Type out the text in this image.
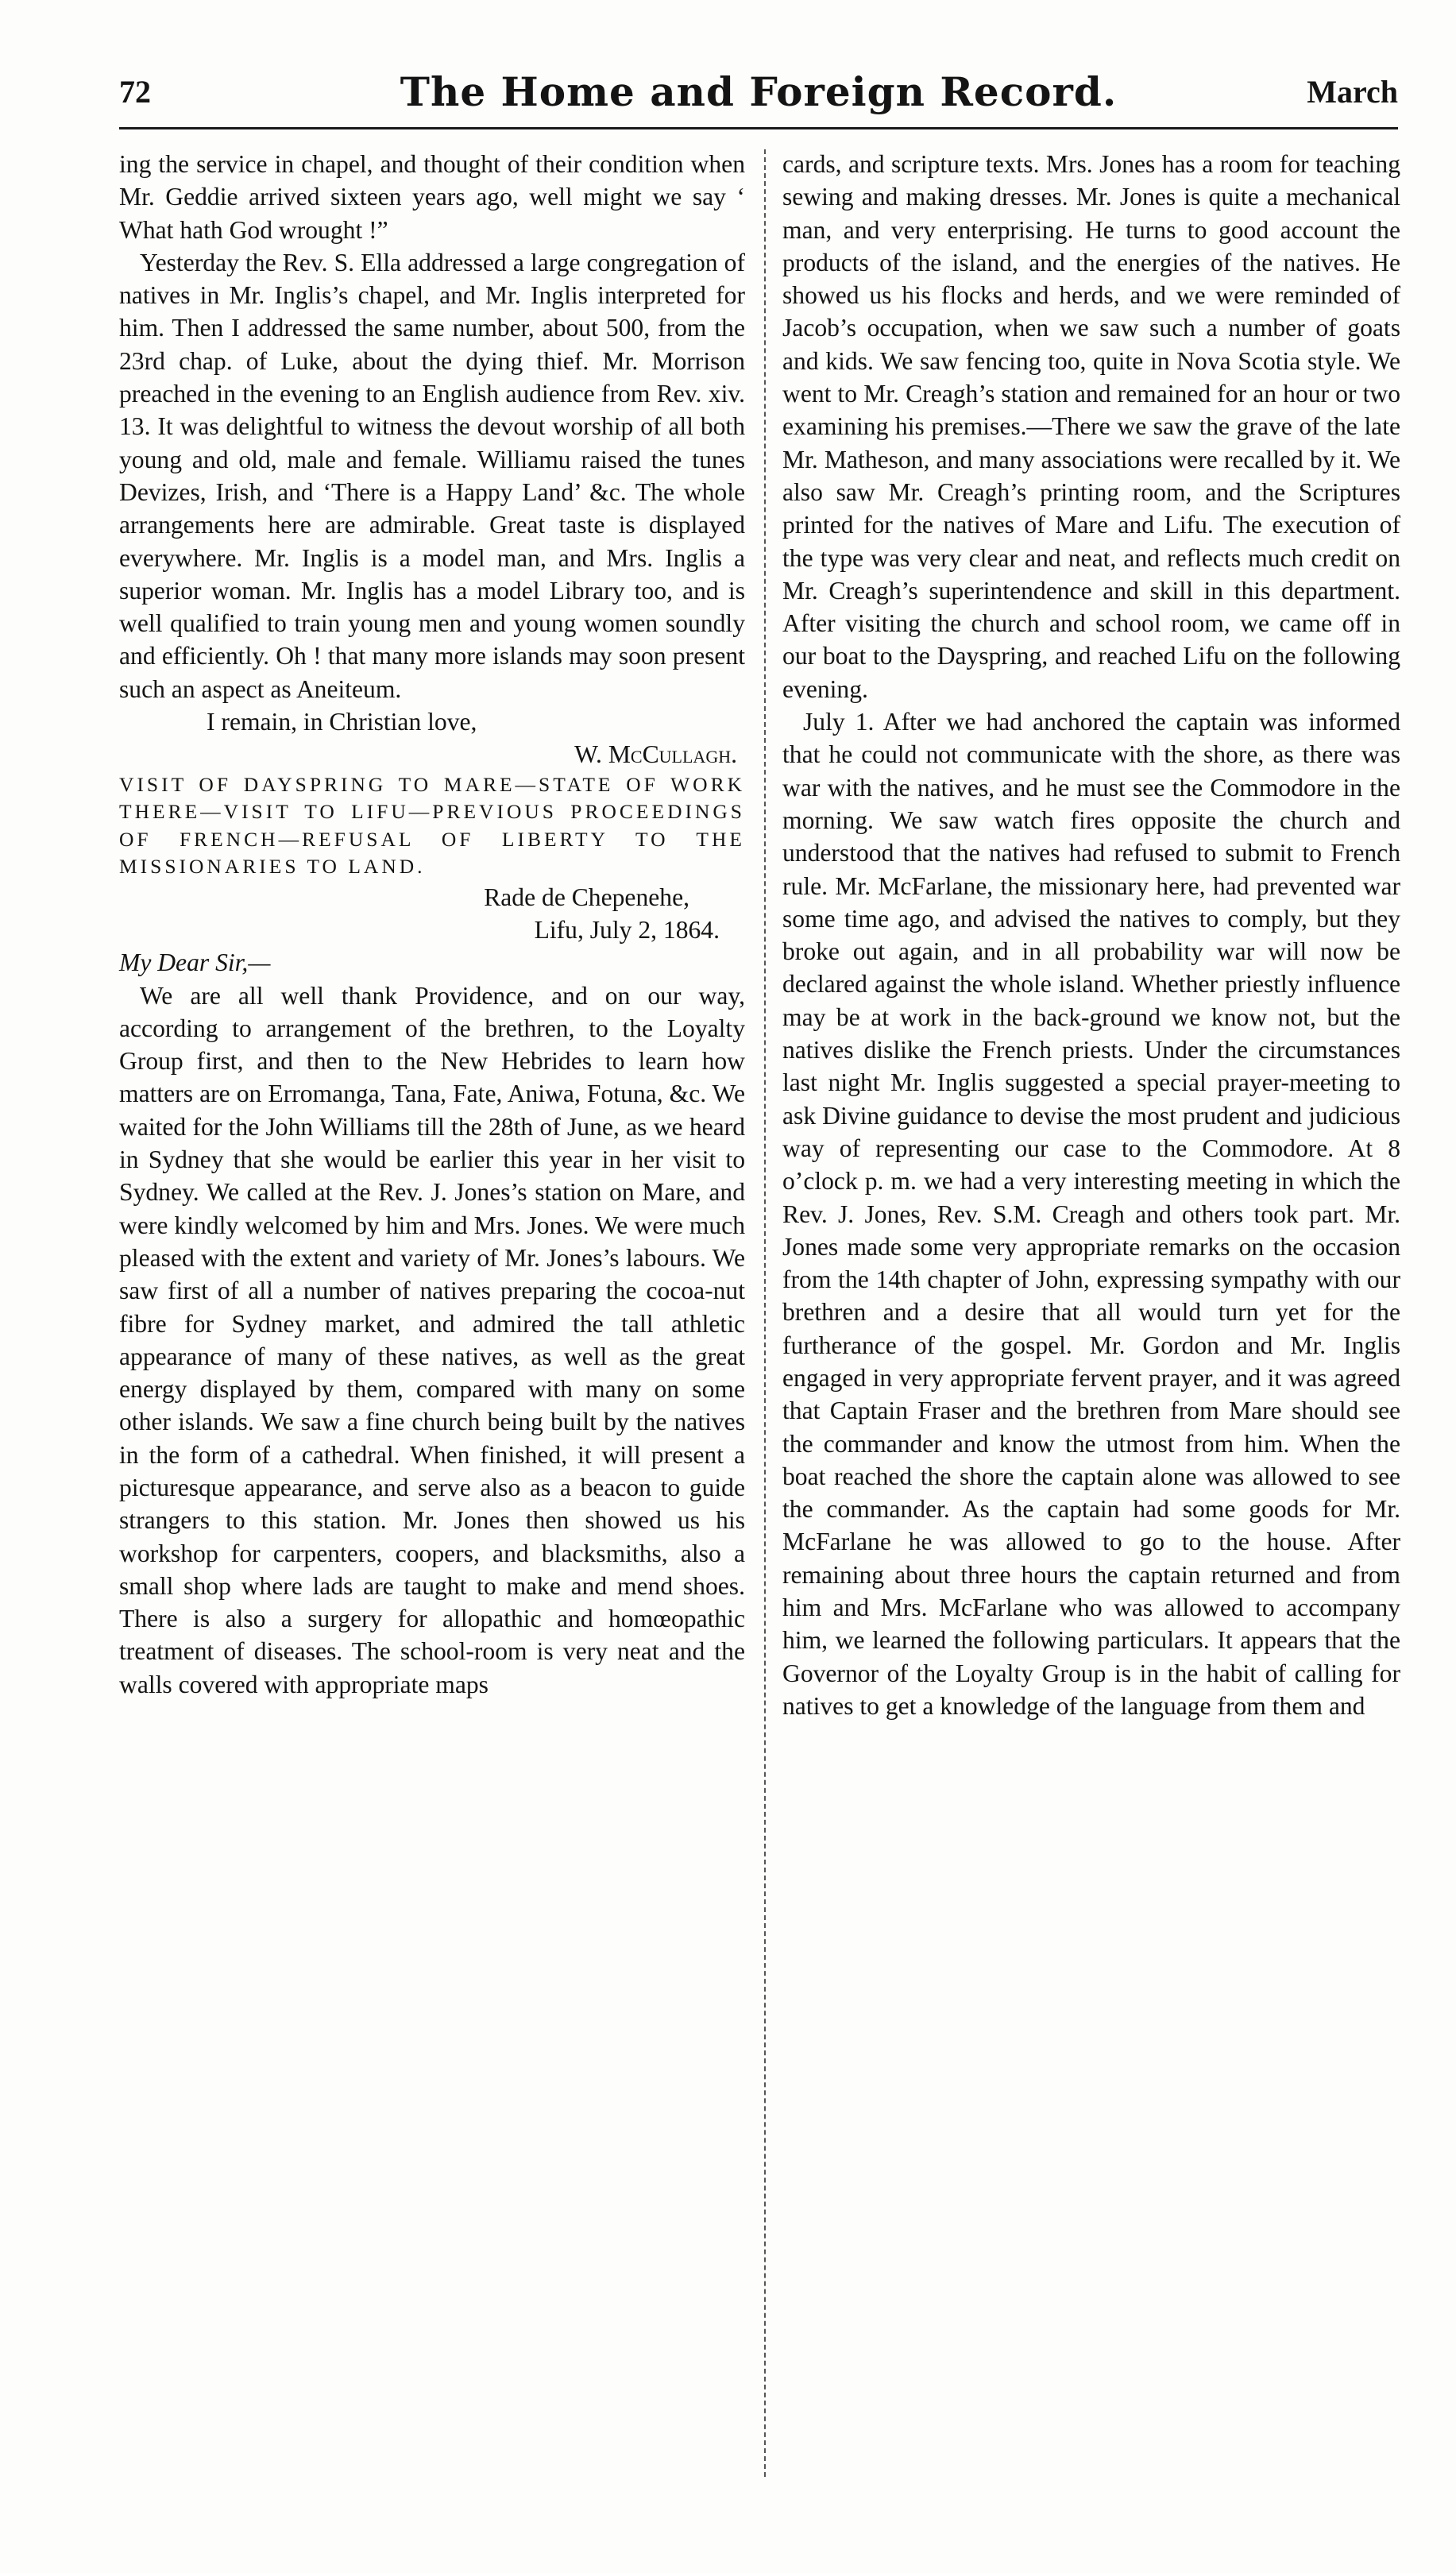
72	The Home and Foreign Record.	March

ing the service in chapel, and thought of their condition when Mr. Geddie arrived sixteen years ago, well might we say ‘ What hath God wrought !”

Yesterday the Rev. S. Ella addressed a large congregation of natives in Mr. Inglis’s chapel, and Mr. Inglis interpreted for him. Then I addressed the same number, about 500, from the 23rd chap. of Luke, about the dying thief. Mr. Morrison preached in the evening to an English audience from Rev. xiv. 13. It was delightful to witness the devout worship of all both young and old, male and female. Williamu raised the tunes Devizes, Irish, and ‘There is a Happy Land’ &c. The whole arrangements here are admirable. Great taste is displayed everywhere. Mr. Inglis is a model man, and Mrs. Inglis a superior woman. Mr. Inglis has a model Library too, and is well qualified to train young men and young women soundly and efficiently. Oh ! that many more islands may soon present such an aspect as Aneiteum.

I remain, in Christian love,

W. McCullagh.

VISIT OF DAYSPRING TO MARE—STATE OF WORK THERE—VISIT TO LIFU—PREVIOUS PROCEEDINGS OF FRENCH—REFUSAL OF LIBERTY TO THE MISSIONARIES TO LAND.

Rade de Chepenehe,

Lifu, July 2, 1864.

My Dear Sir,—

We are all well thank Providence, and on our way, according to arrangement of the brethren, to the Loyalty Group first, and then to the New Hebrides to learn how matters are on Erromanga, Tana, Fate, Aniwa, Fotuna, &c. We waited for the John Williams till the 28th of June, as we heard in Sydney that she would be earlier this year in her visit to Sydney. We called at the Rev. J. Jones’s station on Mare, and were kindly welcomed by him and Mrs. Jones. We were much pleased with the extent and variety of Mr. Jones’s labours. We saw first of all a number of natives preparing the cocoa-nut fibre for Sydney market, and admired the tall athletic appearance of many of these natives, as well as the great energy displayed by them, compared with many on some other islands. We saw a fine church being built by the natives in the form of a cathedral. When finished, it will present a picturesque appearance, and serve also as a beacon to guide strangers to this station. Mr. Jones then showed us his workshop for carpenters, coopers, and blacksmiths, also a small shop where lads are taught to make and mend shoes. There is also a surgery for allopathic and homœopathic treatment of diseases. The school-room is very neat and the walls covered with appropriate maps

cards, and scripture texts. Mrs. Jones has a room for teaching sewing and making dresses. Mr. Jones is quite a mechanical man, and very enterprising. He turns to good account the products of the island, and the energies of the natives. He showed us his flocks and herds, and we were reminded of Jacob’s occupation, when we saw such a number of goats and kids. We saw fencing too, quite in Nova Scotia style. We went to Mr. Creagh’s station and remained for an hour or two examining his premises.—There we saw the grave of the late Mr. Matheson, and many associations were recalled by it. We also saw Mr. Creagh’s printing room, and the Scriptures printed for the natives of Mare and Lifu. The execution of the type was very clear and neat, and reflects much credit on Mr. Creagh’s superintendence and skill in this department. After visiting the church and school room, we came off in our boat to the Dayspring, and reached Lifu on the following evening.

July 1. After we had anchored the captain was informed that he could not communicate with the shore, as there was war with the natives, and he must see the Commodore in the morning. We saw watch fires opposite the church and understood that the natives had refused to submit to French rule. Mr. McFarlane, the missionary here, had prevented war some time ago, and advised the natives to comply, but they broke out again, and in all probability war will now be declared against the whole island. Whether priestly influence may be at work in the back-ground we know not, but the natives dislike the French priests. Under the circumstances last night Mr. Inglis suggested a special prayer-meeting to ask Divine guidance to devise the most prudent and judicious way of representing our case to the Commodore. At 8 o’clock p. m. we had a very interesting meeting in which the Rev. J. Jones, Rev. S.M. Creagh and others took part. Mr. Jones made some very appropriate remarks on the occasion from the 14th chapter of John, expressing sympathy with our brethren and a desire that all would turn yet for the furtherance of the gospel. Mr. Gordon and Mr. Inglis engaged in very appropriate fervent prayer, and it was agreed that Captain Fraser and the brethren from Mare should see the commander and know the utmost from him. When the boat reached the shore the captain alone was allowed to see the commander. As the captain had some goods for Mr. McFarlane he was allowed to go to the house. After remaining about three hours the captain returned and from him and Mrs. McFarlane who was allowed to accompany him, we learned the following particulars. It appears that the Governor of the Loyalty Group is in the habit of calling for natives to get a knowledge of the language from them and
